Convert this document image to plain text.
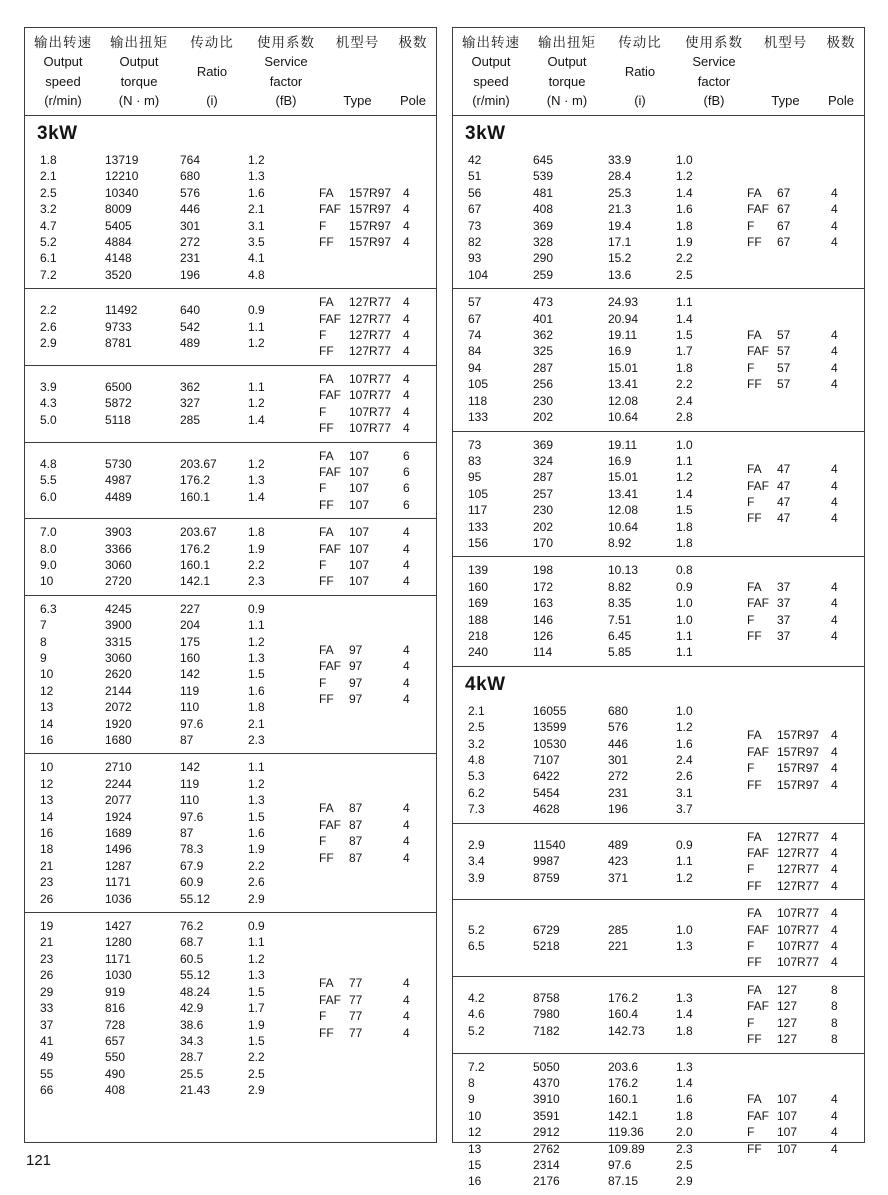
输出转速
Output
speed
(r/min)
输出扭矩
Output
torque
(N · m)
传动比
Ratio
(i)
使用系数
Service
factor
(fB)
机型号
Type
极数
Pole
3kW
1.8	13719	764	1.2
2.1	12210	680	1.3
2.5	10340	576	1.6
3.2	8009	446	2.1
4.7	5405	301	3.1
5.2	4884	272	3.5
6.1	4148	231	4.1
7.2	3520	196	4.8
FA	157R97 4
FAF 157R97 4
F	157R97 4
FF	157R97 4
2.2	11492	640	0.9
2.6	9733	542	1.1
2.9	8781	489	1.2
FA	127R77 4
FAF 127R77 4
F	127R77 4
FF	127R77 4
3.9	6500	362	1.1
4.3	5872	327	1.2
5.0	5118	285	1.4
FA	107R77 4
FAF 107R77 4
F	107R77 4
FF	107R77 4
4.8	5730	203.67	1.2
5.5	4987	176.2	1.3
6.0	4489	160.1	1.4
FA	107	6
FAF 107	6
F	107	6
FF	107	6
7.0	3903	203.67	1.8
8.0	3366	176.2	1.9
9.0	3060	160.1	2.2
10	2720	142.1	2.3
FA	107	4
FAF 107	4
F	107	4
FF	107	4
6.3	4245	227	0.9
7	3900	204	1.1
8	3315	175	1.2
9	3060	160	1.3
10	2620	142	1.5
12	2144	119	1.6
13	2072	110	1.8
14	1920	97.6	2.1
16	1680	87	2.3
FA	97	4
FAF 97	4
F	97	4
FF	97	4
10	2710	142	1.1
12	2244	119	1.2
13	2077	110	1.3
14	1924	97.6	1.5
16	1689	87	1.6
18	1496	78.3	1.9
21	1287	67.9	2.2
23	1171	60.9	2.6
26	1036	55.12	2.9
FA	87	4
FAF 87	4
F	87	4
FF	87	4
19	1427	76.2	0.9
21	1280	68.7	1.1
23	1171	60.5	1.2
26	1030	55.12	1.3
29	919	48.24	1.5
33	816	42.9	1.7
37	728	38.6	1.9
41	657	34.3	1.5
49	550	28.7	2.2
55	490	25.5	2.5
66	408	21.43	2.9
FA	77	4
FAF 77	4
F	77	4
FF	77	4
输出转速
Output
speed
(r/min)
输出扭矩
Output
torque
(N · m)
传动比
Ratio
(i)
使用系数
Service
factor
(fB)
机型号
Type
极数
Pole
3kW
42	645	33.9	1.0
51	539	28.4	1.2
56	481	25.3	1.4
67	408	21.3	1.6
73	369	19.4	1.8
82	328	17.1	1.9
93	290	15.2	2.2
104	259	13.6	2.5
FA	67	4
FAF 67	4
F	67	4
FF	67	4
57	473	24.93	1.1
67	401	20.94	1.4
74	362	19.11	1.5
84	325	16.9	1.7
94	287	15.01	1.8
105	256	13.41	2.2
118	230	12.08	2.4
133	202	10.64	2.8
FA	57	4
FAF 57	4
F	57	4
FF	57	4
73	369	19.11	1.0
83	324	16.9	1.1
95	287	15.01	1.2
105	257	13.41	1.4
117	230	12.08	1.5
133	202	10.64	1.8
156	170	8.92	1.8
FA	47	4
FAF 47	4
F	47	4
FF	47	4
139	198	10.13	0.8
160	172	8.82	0.9
169	163	8.35	1.0
188	146	7.51	1.0
218	126	6.45	1.1
240	114	5.85	1.1
FA	37	4
FAF 37	4
F	37	4
FF	37	4
4kW
2.1	16055	680	1.0
2.5	13599	576	1.2
3.2	10530	446	1.6
4.8	7107	301	2.4
5.3	6422	272	2.6
6.2	5454	231	3.1
7.3	4628	196	3.7
FA	157R97 4
FAF 157R97 4
F	157R97 4
FF	157R97 4
2.9	11540	489	0.9
3.4	9987	423	1.1
3.9	8759	371	1.2
FA	127R77 4
FAF 127R77 4
F	127R77 4
FF	127R77 4
5.2	6729	285	1.0
6.5	5218	221	1.3
FA	107R77 4
FAF 107R77 4
F	107R77 4
FF	107R77 4
4.2	8758	176.2	1.3
4.6	7980	160.4	1.4
5.2	7182	142.73	1.8
FA	127	8
FAF 127	8
F	127	8
FF	127	8
7.2	5050	203.6	1.3
8	4370	176.2	1.4
9	3910	160.1	1.6
10	3591	142.1	1.8
12	2912	119.36	2.0
13	2762	109.89	2.3
15	2314	97.6	2.5
16	2176	87.15	2.9
FA	107	4
FAF 107	4
F	107	4
FF	107	4
121
